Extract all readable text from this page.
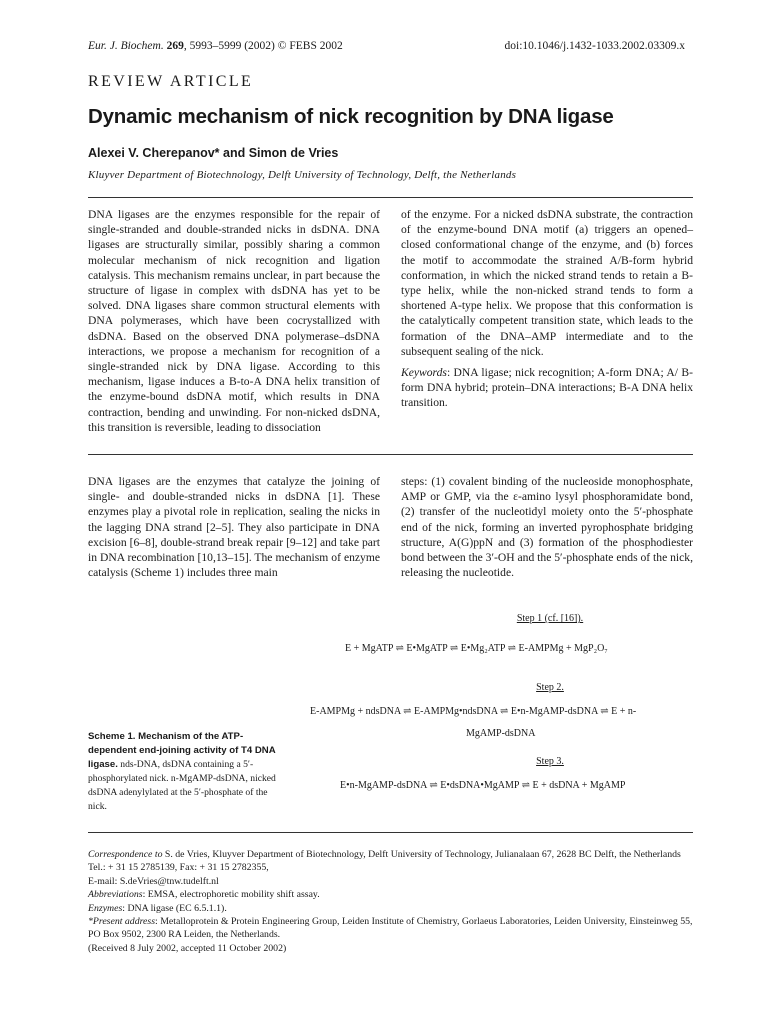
Eur. J. Biochem. 269, 5993–5999 (2002) © FEBS 2002	doi:10.1046/j.1432-1033.2002.03309.x
REVIEW ARTICLE
Dynamic mechanism of nick recognition by DNA ligase
Alexei V. Cherepanov* and Simon de Vries
Kluyver Department of Biotechnology, Delft University of Technology, Delft, the Netherlands

DNA ligases are the enzymes responsible for the repair of single-stranded and double-stranded nicks in dsDNA. DNA ligases are structurally similar, possibly sharing a common molecular mechanism of nick recognition and ligation catalysis. This mechanism remains unclear, in part because the structure of ligase in complex with dsDNA has yet to be solved. DNA ligases share common structural elements with DNA polymerases, which have been cocrystallized with dsDNA. Based on the observed DNA polymerase–dsDNA interactions, we propose a mechanism for recognition of a single-stranded nick by DNA ligase. According to this mechanism, ligase induces a B-to-A DNA helix transition of the enzyme-bound dsDNA motif, which results in DNA contraction, bending and unwinding. For non-nicked dsDNA, this transition is reversible, leading to dissociation

of the enzyme. For a nicked dsDNA substrate, the contraction of the enzyme-bound DNA motif (a) triggers an opened–closed conformational change of the enzyme, and (b) forces the motif to accommodate the strained A/B-form hybrid conformation, in which the nicked strand tends to retain a B-type helix, while the non-nicked strand tends to form a shortened A-type helix. We propose that this conformation is the catalytically competent transition state, which leads to the formation of the DNA–AMP intermediate and to the subsequent sealing of the nick.

Keywords: DNA ligase; nick recognition; A-form DNA; A/ B-form DNA hybrid; protein–DNA interactions; B-A DNA helix transition.

DNA ligases are the enzymes that catalyze the joining of single- and double-stranded nicks in dsDNA [1]. These enzymes play a pivotal role in replication, sealing the nicks in the lagging DNA strand [2–5]. They also participate in DNA excision [6–8], double-strand break repair [9–12] and take part in DNA recombination [10,13–15]. The mechanism of enzyme catalysis (Scheme 1) includes three main

steps: (1) covalent binding of the nucleoside monophosphate, AMP or GMP, via the ε-amino lysyl phosphoramidate bond, (2) transfer of the nucleotidyl moiety onto the 5′-phosphate end of the nick, forming an inverted pyrophosphate bridging structure, A(G)ppN and (3) formation of the phosphodiester bond between the 3′-OH and the 5′-phosphate ends of the nick, releasing the nucleotide.

Step 1 (cf. [16]).
E + MgATP ⇌ E•MgATP ⇌ E•Mg₂ATP ⇌ E-AMPMg + MgP₂O₇
Step 2.
E-AMPMg + ndsDNA ⇌ E-AMPMg•ndsDNA ⇌ E•n-MgAMP-dsDNA ⇌ E + n-
MgAMP-dsDNA
Step 3.
E•n-MgAMP-dsDNA ⇌ E•dsDNA•MgAMP ⇌ E + dsDNA + MgAMP

Scheme 1. Mechanism of the ATP-dependent end-joining activity of T4 DNA ligase. nds-DNA, dsDNA containing a 5′-phosphorylated nick. n-MgAMP-dsDNA, nicked dsDNA adenylylated at the 5′-phosphate of the nick.

Correspondence to S. de Vries, Kluyver Department of Biotechnology, Delft University of Technology, Julianalaan 67, 2628 BC Delft, the Netherlands Tel.: + 31 15 2785139, Fax: + 31 15 2782355,

E-mail: S.deVries@tnw.tudelft.nl

Abbreviations: EMSA, electrophoretic mobility shift assay.

Enzymes: DNA ligase (EC 6.5.1.1).

*Present address: Metalloprotein & Protein Engineering Group, Leiden Institute of Chemistry, Gorlaeus Laboratories, Leiden University, Einsteinweg 55, PO Box 9502, 2300 RA Leiden, the Netherlands.

(Received 8 July 2002, accepted 11 October 2002)
